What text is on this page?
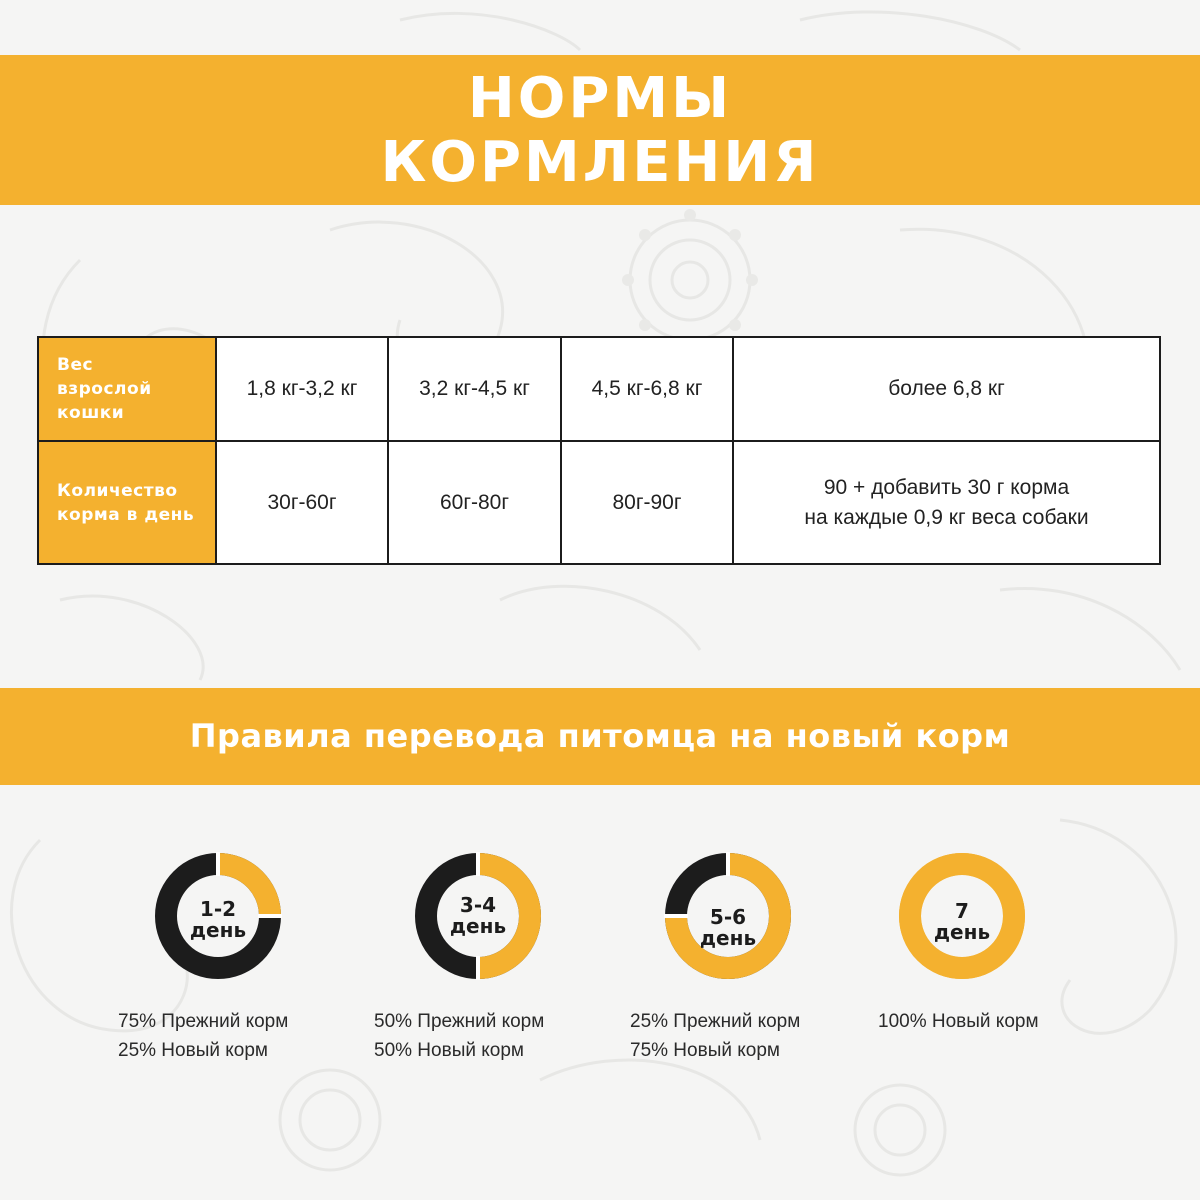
НОРМЫ
КОРМЛЕНИЯ
Вес
взрослой
кошки	1,8 кг-3,2 кг	3,2 кг-4,5 кг	4,5 кг-6,8 кг	более 6,8 кг

Количество
корма в день	30г-60г	60г-80г	80г-90г	90 + добавить 30 г корма
на каждые 0,9 кг веса собаки
Правила перевода питомца на новый корм
1-2
день
75% Прежний корм
25% Новый корм
3-4
день
50% Прежний корм
50% Новый корм
5-6
день
25% Прежний корм
75% Новый корм
7
день
100% Новый корм
